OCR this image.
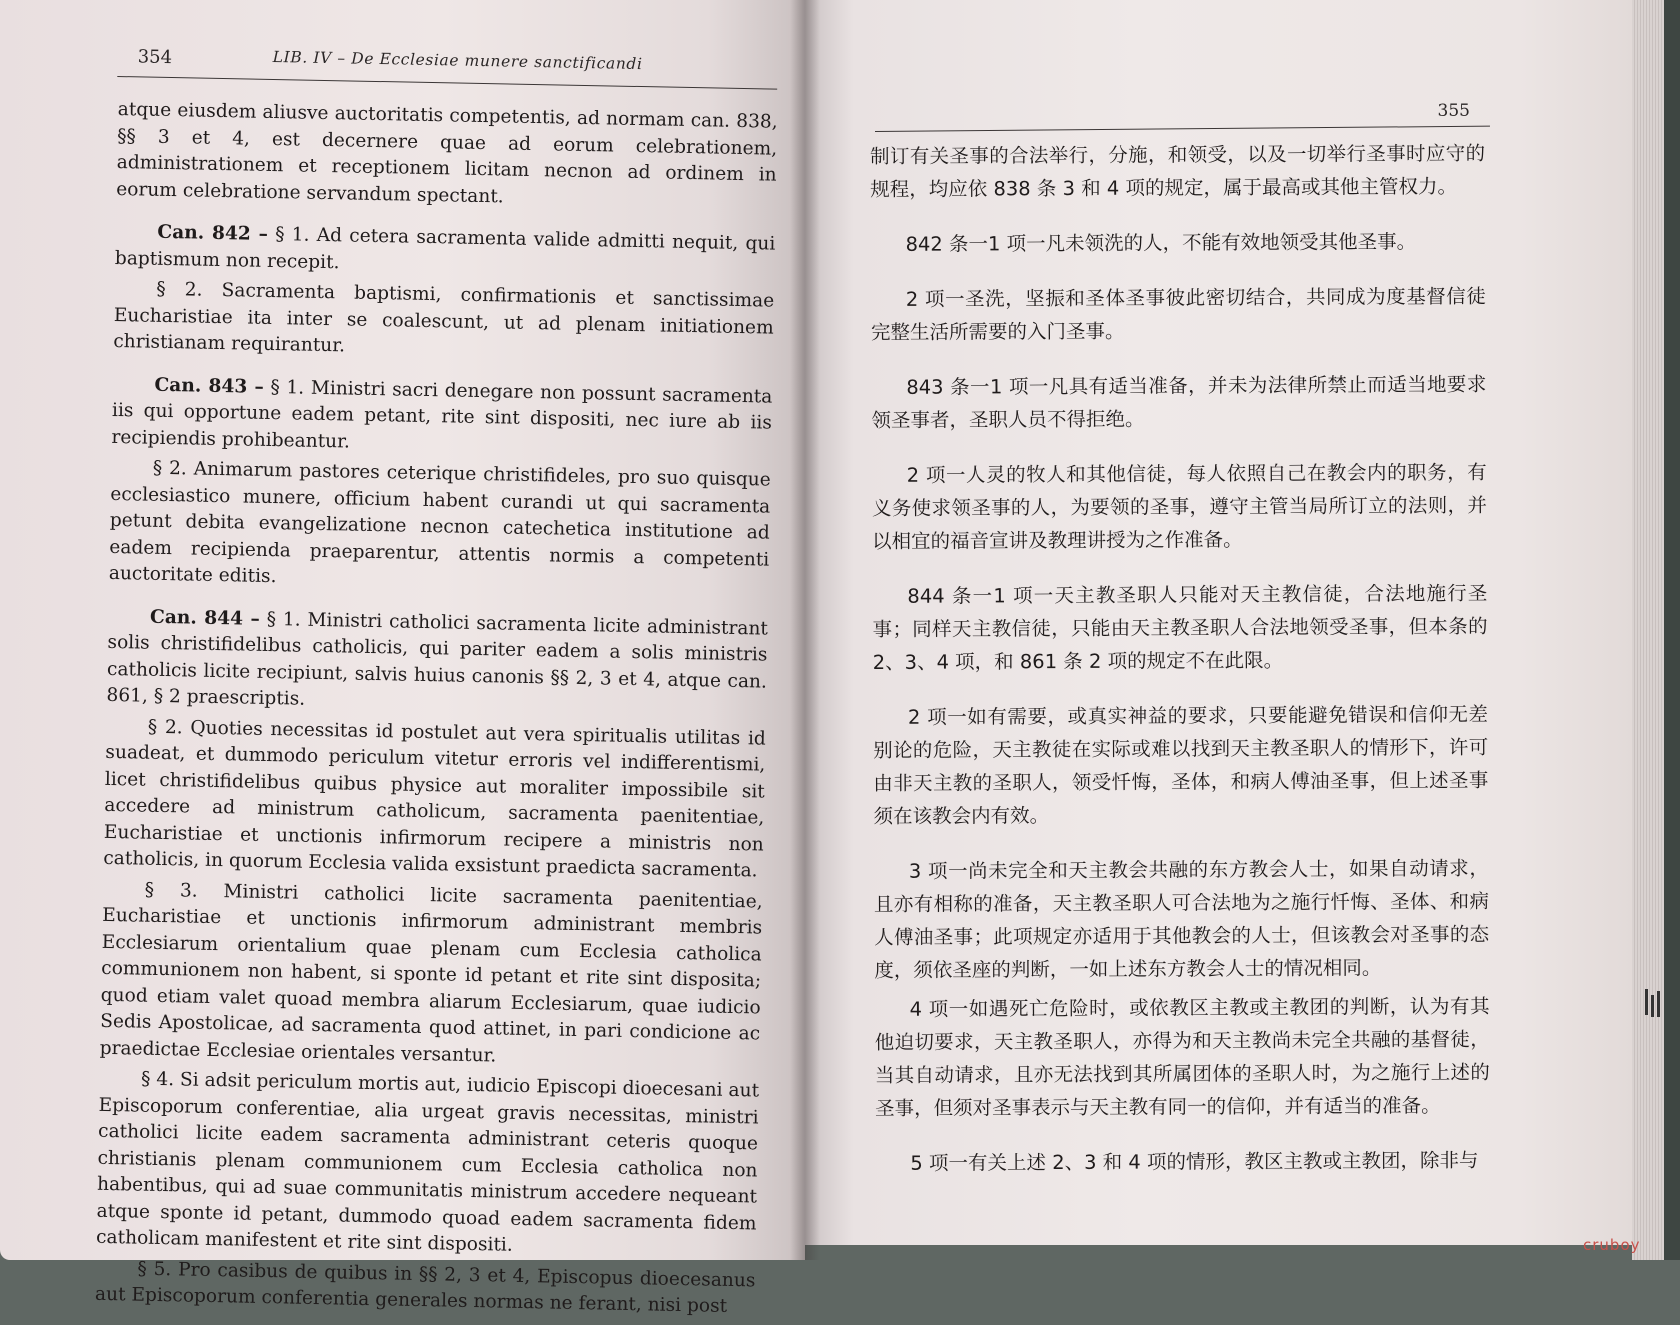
354	LIB. IV – De Ecclesiae munere sanctificandi

atque eiusdem aliusve auctoritatis competentis, ad normam can. 838, §§ 3 et 4, est decernere quae ad eorum celebrationem, administrationem et receptionem licitam necnon ad ordinem in eorum celebratione servandum spectant.

Can. 842 – § 1. Ad cetera sacramenta valide admitti nequit, qui baptismum non recepit.

§ 2. Sacramenta baptismi, confirmationis et sanctissimae Eucharistiae ita inter se coalescunt, ut ad plenam initiationem christianam requirantur.

Can. 843 – § 1. Ministri sacri denegare non possunt sacramenta iis qui opportune eadem petant, rite sint dispositi, nec iure ab iis recipiendis prohibeantur.

§ 2. Animarum pastores ceterique christifideles, pro suo quisque ecclesiastico munere, officium habent curandi ut qui sacramenta petunt debita evangelizatione necnon catechetica institutione ad eadem recipienda praeparentur, attentis normis a competenti auctoritate editis.

Can. 844 – § 1. Ministri catholici sacramenta licite administrant solis christifidelibus catholicis, qui pariter eadem a solis ministris catholicis licite recipiunt, salvis huius canonis §§ 2, 3 et 4, atque can. 861, § 2 praescriptis.

§ 2. Quoties necessitas id postulet aut vera spiritualis utilitas id suadeat, et dummodo periculum vitetur erroris vel indifferentismi, licet christifidelibus quibus physice aut moraliter impossibile sit accedere ad ministrum catholicum, sacramenta paenitentiae, Eucharistiae et unctionis infirmorum recipere a ministris non catholicis, in quorum Ecclesia valida exsistunt praedicta sacramenta.

§ 3. Ministri catholici licite sacramenta paenitentiae, Eucharistiae et unctionis infirmorum administrant membris Ecclesiarum orientalium quae plenam cum Ecclesia catholica communionem non habent, si sponte id petant et rite sint disposita; quod etiam valet quoad membra aliarum Ecclesiarum, quae iudicio Sedis Apostolicae, ad sacramenta quod attinet, in pari condicione ac praedictae Ecclesiae orientales versantur.

§ 4. Si adsit periculum mortis aut, iudicio Episcopi dioecesani aut Episcoporum conferentiae, alia urgeat gravis necessitas, ministri catholici licite eadem sacramenta administrant ceteris quoque christianis plenam communionem cum Ecclesia catholica non habentibus, qui ad suae communitatis ministrum accedere nequeant atque sponte id petant, dummodo quoad eadem sacramenta fidem catholicam manifestent et rite sint dispositi.

§ 5. Pro casibus de quibus in §§ 2, 3 et 4, Episcopus dioecesanus aut Episcoporum conferentia generales normas ne ferant, nisi post

355

制订有关圣事的合法举行，分施，和领受，以及一切举行圣事时应守的规程，均应依 838 条 3 和 4 项的规定，属于最高或其他主管权力。

842 条一1 项一凡未领洗的人，不能有效地领受其他圣事。

2 项一圣洗，坚振和圣体圣事彼此密切结合，共同成为度基督信徒完整生活所需要的入门圣事。

843 条一1 项一凡具有适当准备，并未为法律所禁止而适当地要求领圣事者，圣职人员不得拒绝。

2 项一人灵的牧人和其他信徒，每人依照自己在教会内的职务，有义务使求领圣事的人，为要领的圣事，遵守主管当局所订立的法则，并以相宜的福音宣讲及教理讲授为之作准备。

844 条一1 项一天主教圣职人只能对天主教信徒，合法地施行圣事；同样天主教信徒，只能由天主教圣职人合法地领受圣事，但本条的 2、3、4 项，和 861 条 2 项的规定不在此限。

2 项一如有需要，或真实神益的要求，只要能避免错误和信仰无差别论的危险，天主教徒在实际或难以找到天主教圣职人的情形下，许可由非天主教的圣职人，领受忏悔，圣体，和病人傅油圣事，但上述圣事须在该教会内有效。

3 项一尚未完全和天主教会共融的东方教会人士，如果自动请求，且亦有相称的准备，天主教圣职人可合法地为之施行忏悔、圣体、和病人傅油圣事；此项规定亦适用于其他教会的人士，但该教会对圣事的态度，须依圣座的判断，一如上述东方教会人士的情况相同。

4 项一如遇死亡危险时，或依教区主教或主教团的判断，认为有其他迫切要求，天主教圣职人，亦得为和天主教尚未完全共融的基督徒，当其自动请求，且亦无法找到其所属团体的圣职人时，为之施行上述的圣事，但须对圣事表示与天主教有同一的信仰，并有适当的准备。

5 项一有关上述 2、3 和 4 项的情形，教区主教或主教团，除非与

cruboy
